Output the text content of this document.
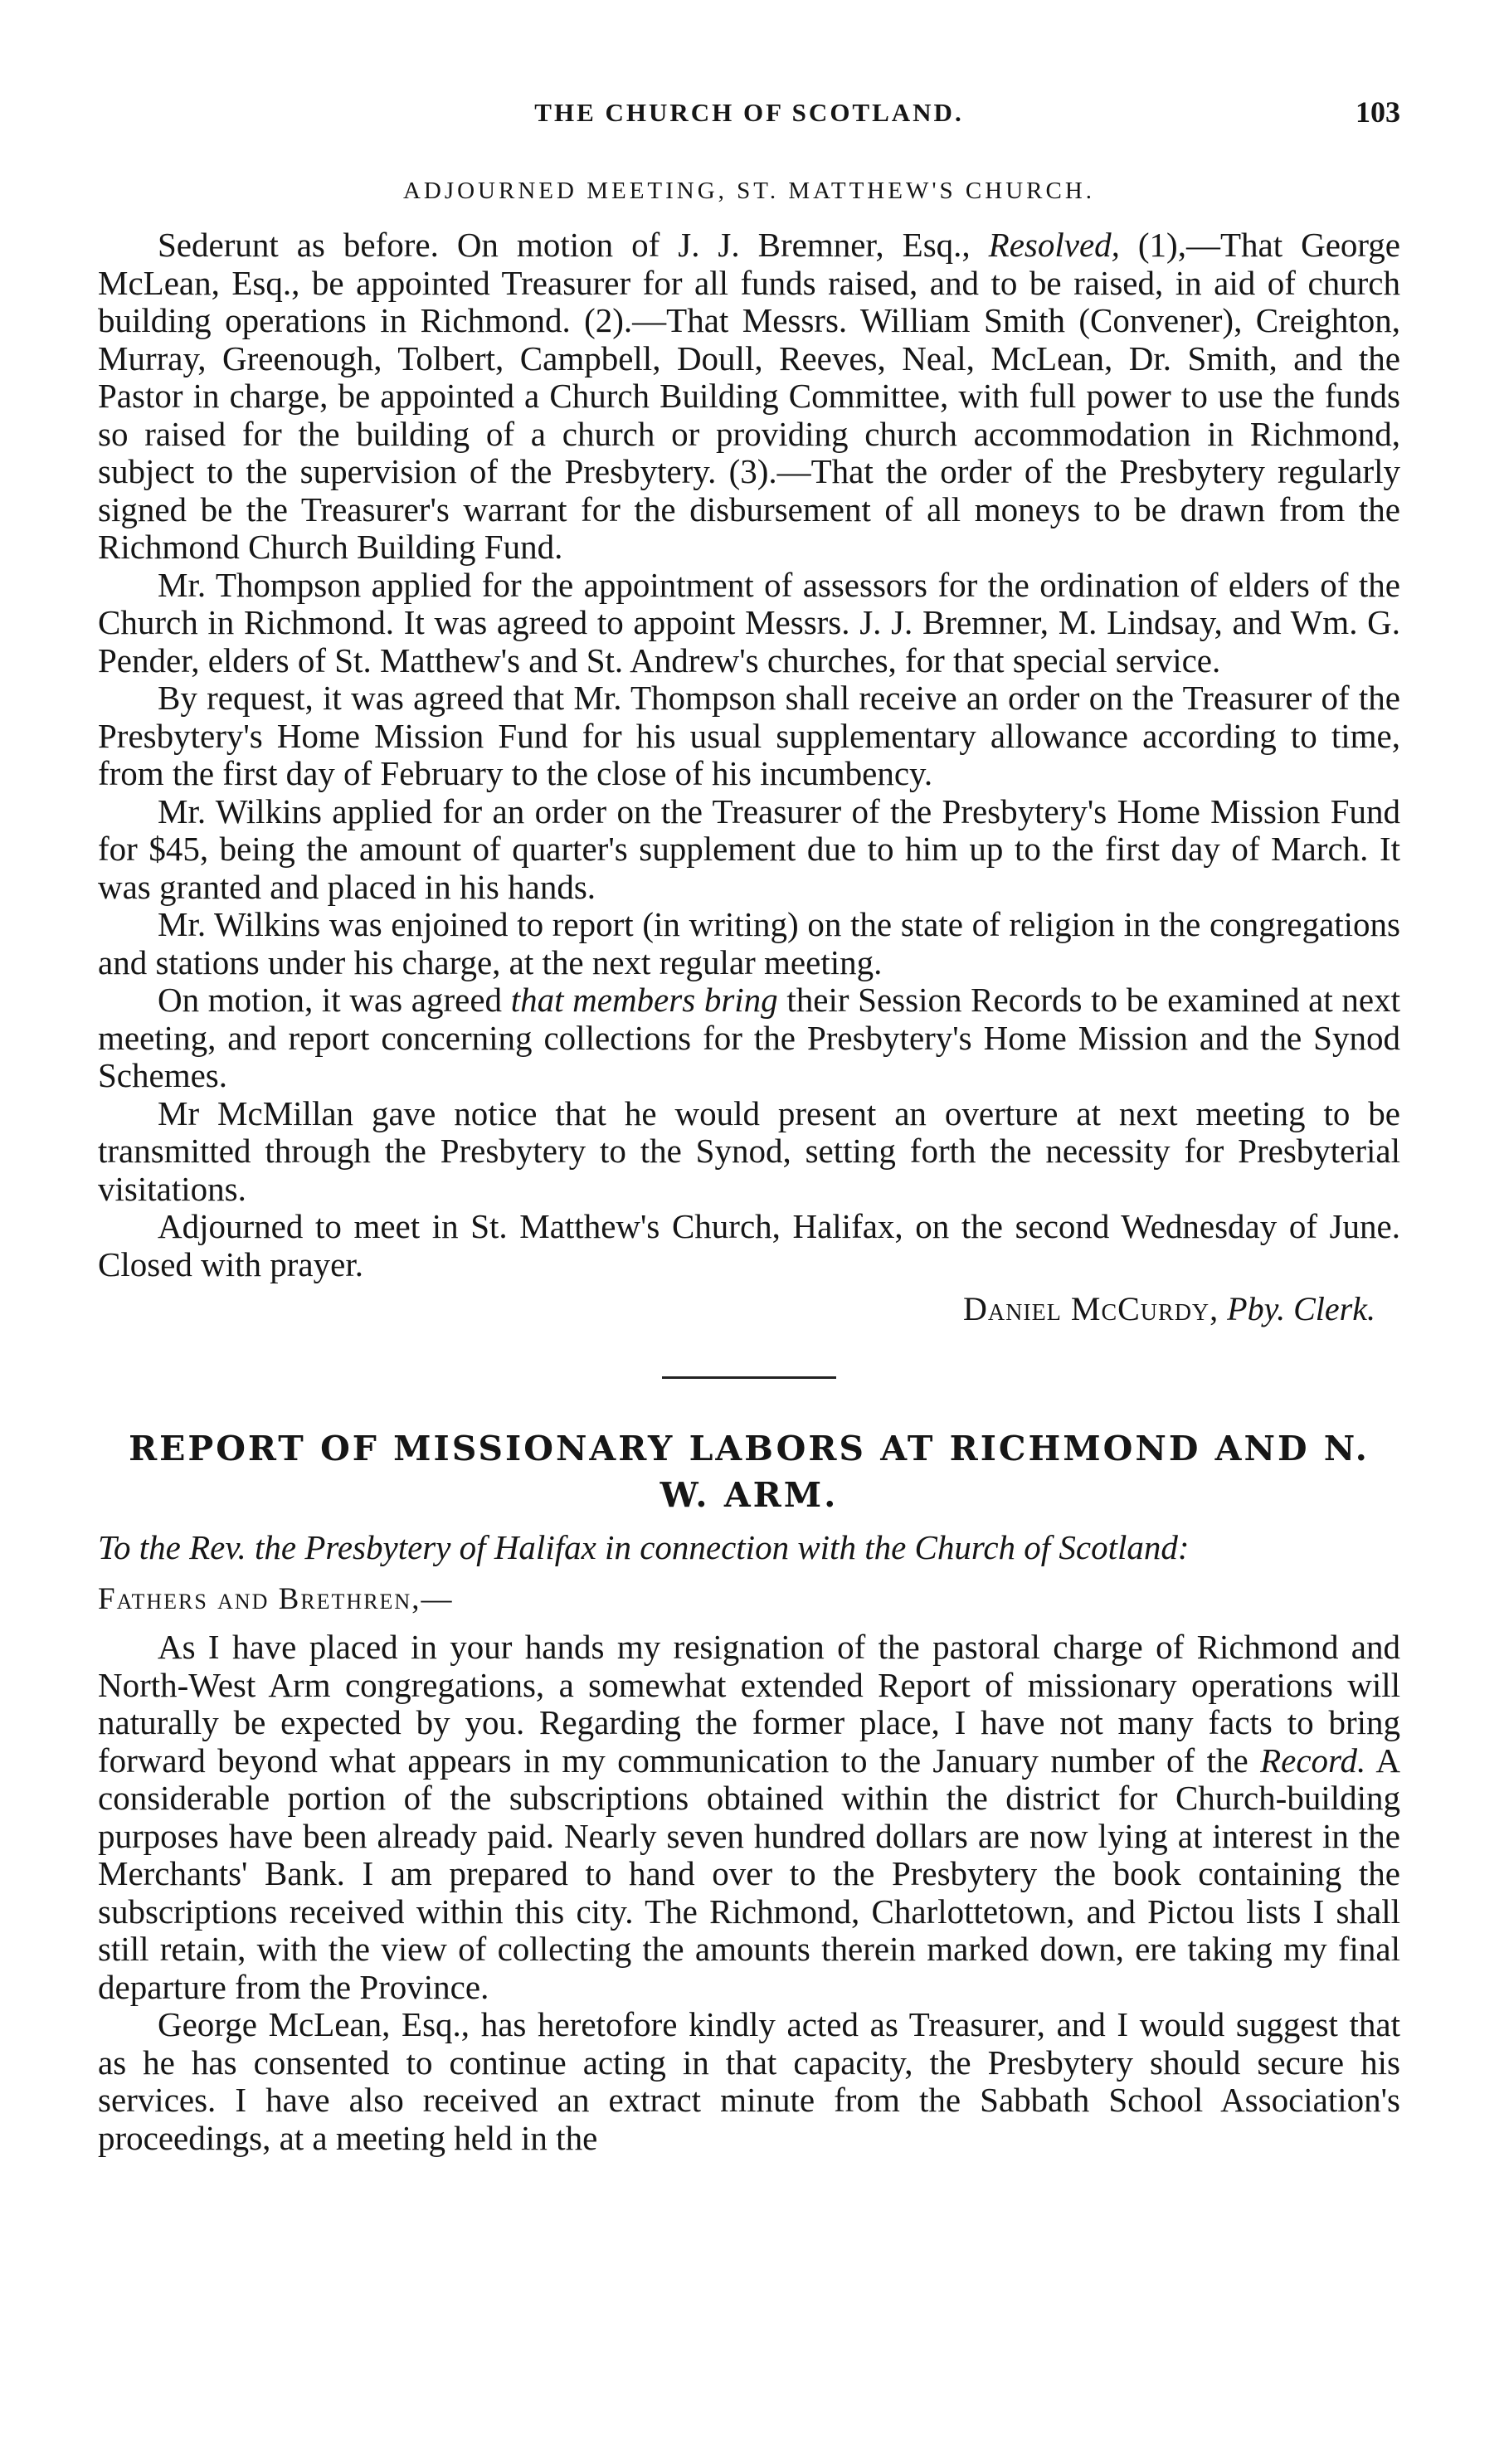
THE CHURCH OF SCOTLAND.	103
ADJOURNED MEETING, ST. MATTHEW'S CHURCH.

Sederunt as before. On motion of J. J. Bremner, Esq., Resolved, (1),—That George McLean, Esq., be appointed Treasurer for all funds raised, and to be raised, in aid of church building operations in Richmond. (2).—That Messrs. William Smith (Convener), Creighton, Murray, Greenough, Tolbert, Campbell, Doull, Reeves, Neal, McLean, Dr. Smith, and the Pastor in charge, be appointed a Church Building Committee, with full power to use the funds so raised for the building of a church or providing church accommodation in Richmond, subject to the supervision of the Presbytery. (3).—That the order of the Presbytery regularly signed be the Treasurer's warrant for the disbursement of all moneys to be drawn from the Richmond Church Building Fund.

Mr. Thompson applied for the appointment of assessors for the ordination of elders of the Church in Richmond. It was agreed to appoint Messrs. J. J. Bremner, M. Lindsay, and Wm. G. Pender, elders of St. Matthew's and St. Andrew's churches, for that special service.

By request, it was agreed that Mr. Thompson shall receive an order on the Treasurer of the Presbytery's Home Mission Fund for his usual supplementary allowance according to time, from the first day of February to the close of his incumbency.

Mr. Wilkins applied for an order on the Treasurer of the Presbytery's Home Mission Fund for $45, being the amount of quarter's supplement due to him up to the first day of March. It was granted and placed in his hands.

Mr. Wilkins was enjoined to report (in writing) on the state of religion in the congregations and stations under his charge, at the next regular meeting.

On motion, it was agreed that members bring their Session Records to be examined at next meeting, and report concerning collections for the Presbytery's Home Mission and the Synod Schemes.

Mr McMillan gave notice that he would present an overture at next meeting to be transmitted through the Presbytery to the Synod, setting forth the necessity for Presbyterial visitations.

Adjourned to meet in St. Matthew's Church, Halifax, on the second Wednesday of June. Closed with prayer.

Daniel McCurdy, Pby. Clerk.
REPORT OF MISSIONARY LABORS AT RICHMOND AND N. W. ARM.
To the Rev. the Presbytery of Halifax in connection with the Church of Scotland:
Fathers and Brethren,—

As I have placed in your hands my resignation of the pastoral charge of Richmond and North-West Arm congregations, a somewhat extended Report of missionary operations will naturally be expected by you. Regarding the former place, I have not many facts to bring forward beyond what appears in my communication to the January number of the Record. A considerable portion of the subscriptions obtained within the district for Church-building purposes have been already paid. Nearly seven hundred dollars are now lying at interest in the Merchants' Bank. I am prepared to hand over to the Presbytery the book containing the subscriptions received within this city. The Richmond, Charlottetown, and Pictou lists I shall still retain, with the view of collecting the amounts therein marked down, ere taking my final departure from the Province.

George McLean, Esq., has heretofore kindly acted as Treasurer, and I would suggest that as he has consented to continue acting in that capacity, the Presbytery should secure his services. I have also received an extract minute from the Sabbath School Association's proceedings, at a meeting held in the
